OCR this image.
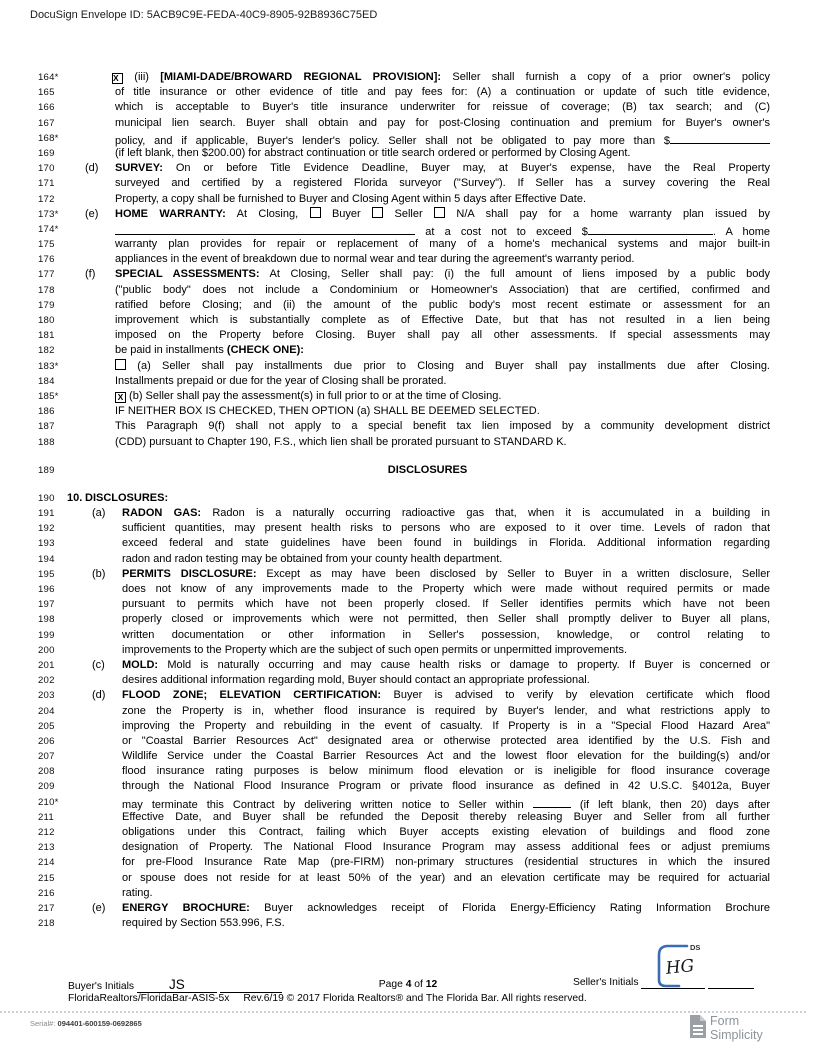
DocuSign Envelope ID: 5ACB9C9E-FEDA-40C9-8905-92B8936C75ED
164*	X (iii) [MIAMI-DADE/BROWARD REGIONAL PROVISION]: Seller shall furnish a copy of a prior owner's policy
165	of title insurance or other evidence of title and pay fees for: (A) a continuation or update of such title evidence,
166	which is acceptable to Buyer's title insurance underwriter for reissue of coverage; (B) tax search; and (C)
167	municipal lien search. Buyer shall obtain and pay for post-Closing continuation and premium for Buyer's owner's
168*	policy, and if applicable, Buyer's lender's policy. Seller shall not be obligated to pay more than $
169	(if left blank, then $200.00) for abstract continuation or title search ordered or performed by Closing Agent.
170	(d) SURVEY: On or before Title Evidence Deadline, Buyer may, at Buyer's expense, have the Real Property
171	surveyed and certified by a registered Florida surveyor ("Survey"). If Seller has a survey covering the Real
172	Property, a copy shall be furnished to Buyer and Closing Agent within 5 days after Effective Date.
173* (e) HOME WARRANTY: At Closing,  Buyer  Seller  N/A shall pay for a home warranty plan issued by
174*	at a cost not to exceed $	. A home
175	warranty plan provides for repair or replacement of many of a home's mechanical systems and major built-in
176	appliances in the event of breakdown due to normal wear and tear during the agreement's warranty period.
177	(f) SPECIAL ASSESSMENTS: At Closing, Seller shall pay: (i) the full amount of liens imposed by a public body
178	("public body" does not include a Condominium or Homeowner's Association) that are certified, confirmed and
179	ratified before Closing; and (ii) the amount of the public body's most recent estimate or assessment for an
180	improvement which is substantially complete as of Effective Date, but that has not resulted in a lien being
181	imposed on the Property before Closing. Buyer shall pay all other assessments. If special assessments may
182	be paid in installments (CHECK ONE):
183*	(a) Seller shall pay installments due prior to Closing and Buyer shall pay installments due after Closing.
184	Installments prepaid or due for the year of Closing shall be prorated.
185*	X (b) Seller shall pay the assessment(s) in full prior to or at the time of Closing.
186	IF NEITHER BOX IS CHECKED, THEN OPTION (a) SHALL BE DEEMED SELECTED.
187	This Paragraph 9(f) shall not apply to a special benefit tax lien imposed by a community development district
188	(CDD) pursuant to Chapter 190, F.S., which lien shall be prorated pursuant to STANDARD K.
189	DISCLOSURES
190 10. DISCLOSURES:
191	(a) RADON GAS: Radon is a naturally occurring radioactive gas that, when it is accumulated in a building in
192	sufficient quantities, may present health risks to persons who are exposed to it over time. Levels of radon that
193	exceed federal and state guidelines have been found in buildings in Florida. Additional information regarding
194	radon and radon testing may be obtained from your county health department.
195	(b) PERMITS DISCLOSURE: Except as may have been disclosed by Seller to Buyer in a written disclosure, Seller
196	does not know of any improvements made to the Property which were made without required permits or made
197	pursuant to permits which have not been properly closed. If Seller identifies permits which have not been
198	properly closed or improvements which were not permitted, then Seller shall promptly deliver to Buyer all plans,
199	written documentation or other information in Seller's possession, knowledge, or control relating to
200	improvements to the Property which are the subject of such open permits or unpermitted improvements.
201	(c) MOLD: Mold is naturally occurring and may cause health risks or damage to property. If Buyer is concerned or
202	desires additional information regarding mold, Buyer should contact an appropriate professional.
203	(d) FLOOD ZONE; ELEVATION CERTIFICATION: Buyer is advised to verify by elevation certificate which flood
204	zone the Property is in, whether flood insurance is required by Buyer's lender, and what restrictions apply to
205	improving the Property and rebuilding in the event of casualty. If Property is in a "Special Flood Hazard Area"
206	or "Coastal Barrier Resources Act" designated area or otherwise protected area identified by the U.S. Fish and
207	Wildlife Service under the Coastal Barrier Resources Act and the lowest floor elevation for the building(s) and/or
208	flood insurance rating purposes is below minimum flood elevation or is ineligible for flood insurance coverage
209	through the National Flood Insurance Program or private flood insurance as defined in 42 U.S.C. §4012a, Buyer
210*	may terminate this Contract by delivering written notice to Seller within	(if left blank, then 20) days after
211	Effective Date, and Buyer shall be refunded the Deposit thereby releasing Buyer and Seller from all further
212	obligations under this Contract, failing which Buyer accepts existing elevation of buildings and flood zone
213	designation of Property. The National Flood Insurance Program may assess additional fees or adjust premiums
214	for pre-Flood Insurance Rate Map (pre-FIRM) non-primary structures (residential structures in which the insured
215	or spouse does not reside for at least 50% of the year) and an elevation certificate may be required for actuarial
216	rating.
217	(e) ENERGY BROCHURE: Buyer acknowledges receipt of Florida Energy-Efficiency Rating Information Brochure
218	required by Section 553.996, F.S.
Buyer's Initials	JS	Page 4 of 12	Seller's Initials
DS
HG
FloridaRealtors/FloridaBar-ASIS-5x Rev.6/19 © 2017 Florida Realtors® and The Florida Bar. All rights reserved.
Serial#: 094401-600159-0692865	Form
Simplicity
